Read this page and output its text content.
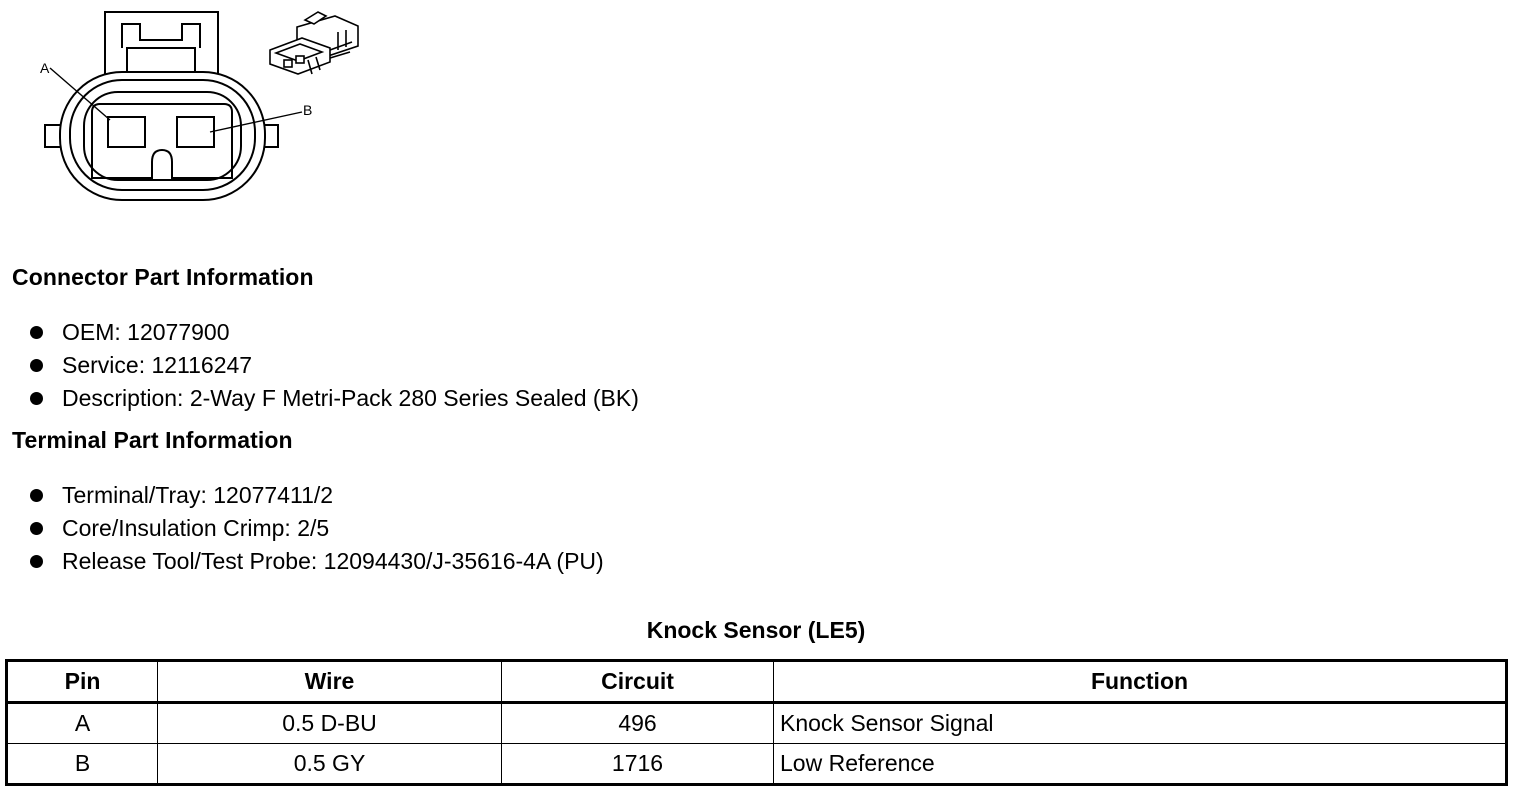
A
B
Connector Part Information
OEM: 12077900
Service: 12116247
Description: 2-Way F Metri-Pack 280 Series Sealed (BK)
Terminal Part Information
Terminal/Tray: 12077411/2
Core/Insulation Crimp: 2/5
Release Tool/Test Probe: 12094430/J-35616-4A (PU)
Knock Sensor (LE5)
Pin	Wire	Circuit	Function
A	0.5 D-BU	496	Knock Sensor Signal
B	0.5 GY	1716	Low Reference
